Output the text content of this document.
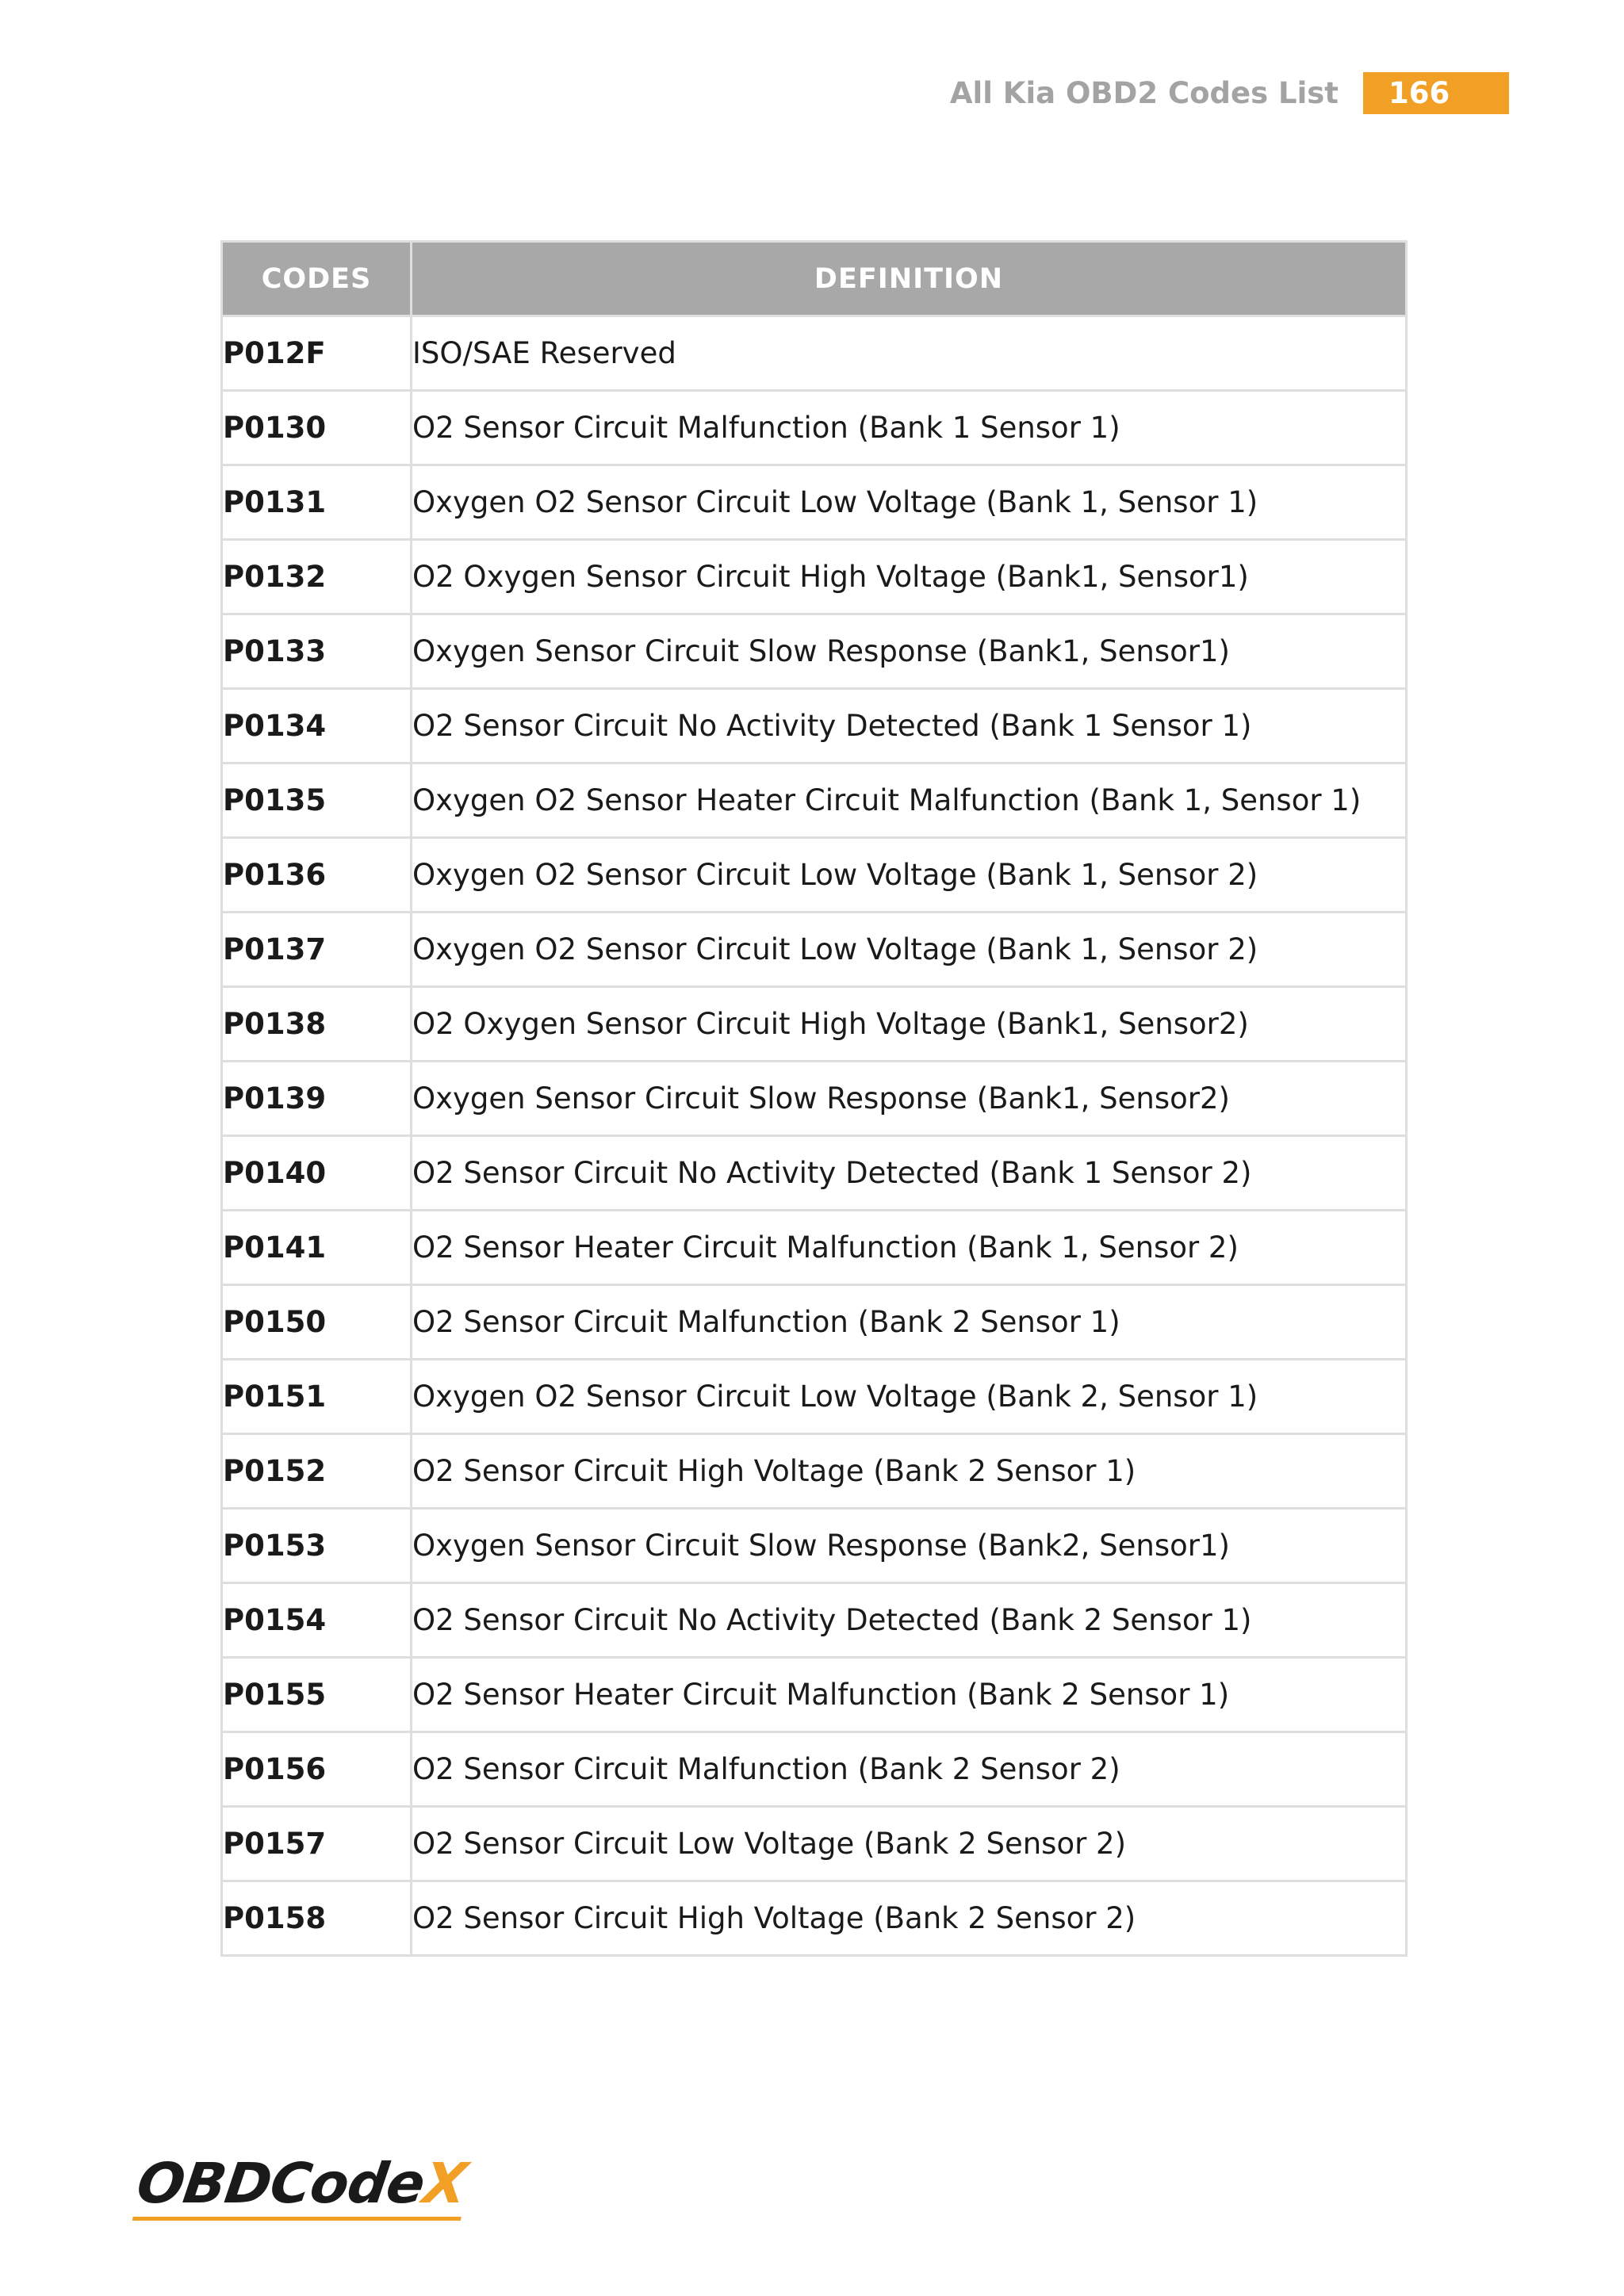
All Kia OBD2 Codes List	166
CODES	DEFINITION
P012F	ISO/SAE Reserved
P0130	O2 Sensor Circuit Malfunction (Bank 1 Sensor 1)
P0131	Oxygen O2 Sensor Circuit Low Voltage (Bank 1, Sensor 1)
P0132	O2 Oxygen Sensor Circuit High Voltage (Bank1, Sensor1)
P0133	Oxygen Sensor Circuit Slow Response (Bank1, Sensor1)
P0134	O2 Sensor Circuit No Activity Detected (Bank 1 Sensor 1)
P0135	Oxygen O2 Sensor Heater Circuit Malfunction (Bank 1, Sensor 1)
P0136	Oxygen O2 Sensor Circuit Low Voltage (Bank 1, Sensor 2)
P0137	Oxygen O2 Sensor Circuit Low Voltage (Bank 1, Sensor 2)
P0138	O2 Oxygen Sensor Circuit High Voltage (Bank1, Sensor2)
P0139	Oxygen Sensor Circuit Slow Response (Bank1, Sensor2)
P0140	O2 Sensor Circuit No Activity Detected (Bank 1 Sensor 2)
P0141	O2 Sensor Heater Circuit Malfunction (Bank 1, Sensor 2)
P0150	O2 Sensor Circuit Malfunction (Bank 2 Sensor 1)
P0151	Oxygen O2 Sensor Circuit Low Voltage (Bank 2, Sensor 1)
P0152	O2 Sensor Circuit High Voltage (Bank 2 Sensor 1)
P0153	Oxygen Sensor Circuit Slow Response (Bank2, Sensor1)
P0154	O2 Sensor Circuit No Activity Detected (Bank 2 Sensor 1)
P0155	O2 Sensor Heater Circuit Malfunction (Bank 2 Sensor 1)
P0156	O2 Sensor Circuit Malfunction (Bank 2 Sensor 2)
P0157	O2 Sensor Circuit Low Voltage (Bank 2 Sensor 2)
P0158	O2 Sensor Circuit High Voltage (Bank 2 Sensor 2)
OBDCodeX
